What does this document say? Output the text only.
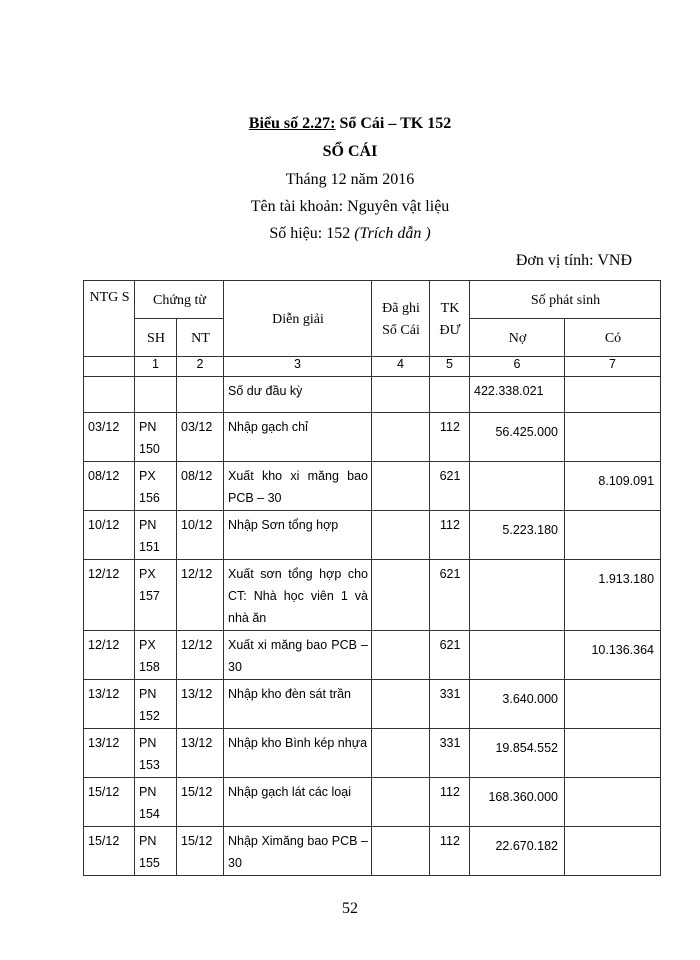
Biểu số 2.27: Sổ Cái – TK 152
SỔ CÁI
Tháng 12 năm 2016
Tên tài khoản: Nguyên vật liệu
Số hiệu: 152 (Trích dẫn )
Đơn vị tính: VNĐ
NTG S	Chứng từ		Diễn giải	Đã ghi Sổ Cái	TK ĐƯ	Số phát sinh	
	SH	NT				Nợ	Có
	1	2	3	4	5	6	7
			Số dư đầu kỳ			422.338.021	
03/12	PN 150	03/12	Nhập gạch chỉ		112	56.425.000	
08/12	PX 156	08/12	Xuất kho xi măng bao PCB – 30		621		8.109.091
10/12	PN 151	10/12	Nhập Sơn tổng hợp		112	5.223.180	
12/12	PX 157	12/12	Xuất sơn tổng hợp cho CT: Nhà học viên 1 và nhà ăn		621		1.913.180
12/12	PX 158	12/12	Xuất xi măng bao PCB – 30		621		10.136.364
13/12	PN 152	13/12	Nhập kho đèn sát trần		331	3.640.000	
13/12	PN 153	13/12	Nhập kho Bình kép nhựa		331	19.854.552	
15/12	PN 154	15/12	Nhập gạch lát các loại		112	168.360.000	
15/12	PN 155	15/12	Nhập Ximăng bao PCB – 30		112	22.670.182	
52
